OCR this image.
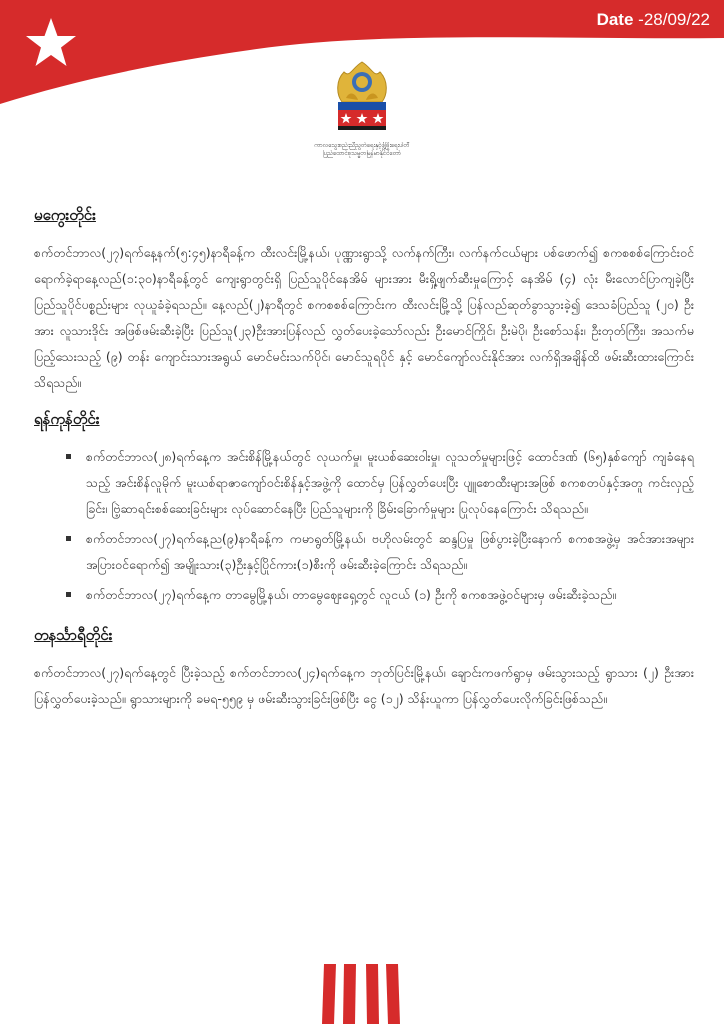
Date -28/09/22
ကာလသွေးစည်းညီညွတ်ရေးနှင့်ဖွံ့ဖြိုးရေးပါတီ
ပြည်ထောင်စုသမ္မတမြန်မာနိုင်ငံတော်
မကွေးတိုင်း

စက်တင်ဘာလ(၂၇)ရက်နေ့နက်(၅:၄၅)နာရီခန့်က ထီးလင်းမြို့နယ်၊ ပုဏ္ဏားရွာသို့ လက်နက်ကြီး၊ လက်နက်ငယ်များ ပစ်ဖောက်၍ စကစစစ်ကြောင်းဝင်ရောက်ခဲ့ရာနေ့လည်(၁:၃၀)နာရီခန့်တွင် ကျေးရွာတွင်းရှိ ပြည်သူပိုင်နေအိမ် များအား မီးရှို့ဖျက်ဆီးမှုကြောင့် နေအိမ် (၄) လုံး မီးလောင်ပြာကျခဲ့ပြီး ပြည်သူပိုင်ပစ္စည်းများ လုယူခံခဲ့ရသည်။ နေ့လည်(၂)နာရီတွင် စကစစစ်ကြောင်းက ထီးလင်းမြို့သို့ ပြန်လည်ဆုတ်ခွာသွားခဲ့၍ ဒေသခံပြည်သူ (၂၀) ဦးအား လူသားဒိုင်း အဖြစ်ဖမ်းဆီးခဲ့ပြီး ပြည်သူ(၂၃)ဦးအားပြန်လည် လွှတ်ပေးခဲ့သော်လည်း ဦးမောင်ကြိုင်၊ ဦးမဲပို၊ ဦးစော်သန်း၊ ဦးတုတ်ကြီး၊ အသက်မပြည့်သေးသည့် (၉) တန်း ကျောင်းသားအရွယ် မောင်မင်းသက်ပိုင်၊ မောင်သူရပိုင် နှင့် မောင်ကျော်လင်းနိုင်အား လက်ရှိအချိန်ထိ ဖမ်းဆီးထားကြောင်း သိရသည်။

ရန်ကုန်တိုင်း
စက်တင်ဘာလ(၂၈)ရက်နေ့က အင်းစိန်မြို့နယ်တွင် လုယက်မှု၊ မူးယစ်ဆေးဝါးမှု၊ လူသတ်မှုများဖြင့် ထောင်ဒဏ် (၆၅)နှစ်ကျော် ကျခံနေရသည့် အင်းစိန်လူမိုက် မူးယစ်ရာဇာကျော်ဝင်းစိန်နှင့်အဖွဲ့ကို ထောင်မှ ပြန်လွှတ်ပေးပြီး ပျူစောထီးများအဖြစ် စကစတပ်နှင့်အတူ ကင်းလှည့်ခြင်း၊ ဗြဲ့ဆာရင်းစစ်ဆေးခြင်းများ လုပ်ဆောင်နေပြီး ပြည်သူများကို ခြိမ်းခြောက်မှုများ ပြုလုပ်နေကြောင်း သိရသည်။
စက်တင်ဘာလ(၂၇)ရက်နေ့ည(၉)နာရီခန့်က ကမာရွတ်မြို့နယ်၊ ဗဟိုလမ်းတွင် ဆန္ဒပြမှု ဖြစ်ပွားခဲ့ပြီးနောက် စကစအဖွဲ့မှ အင်အားအများအပြားဝင်ရောက်၍ အမျိုးသား(၃)ဦးနှင့်ပြိုင်ကား(၁)စီးကို ဖမ်းဆီးခဲ့ကြောင်း သိရသည်။
စက်တင်ဘာလ(၂၇)ရက်နေ့က တာမွေမြို့နယ်၊ တာမွေဈေးရှေ့တွင် လူငယ် (၁) ဦးကို စကစအဖွဲ့ဝင်များမှ ဖမ်းဆီးခဲ့သည်။
တနင်္သာရီတိုင်း

စက်တင်ဘာလ(၂၇)ရက်နေ့တွင် ပြီးခဲ့သည့် စက်တင်ဘာလ(၂၄)ရက်နေ့က ဘုတ်ပြင်းမြို့နယ်၊ ချောင်းကဖက်ရွာမှ ဖမ်းသွားသည့် ရွာသား (၂) ဦးအား ပြန်လွှတ်ပေးခဲ့သည်။ ရွာသားများကို ခမရ-၅၅၉ မှ ဖမ်းဆီးသွားခြင်းဖြစ်ပြီး ငွေ (၁၂) သိန်းယူကာ ပြန်လွှတ်ပေးလိုက်ခြင်းဖြစ်သည်။
